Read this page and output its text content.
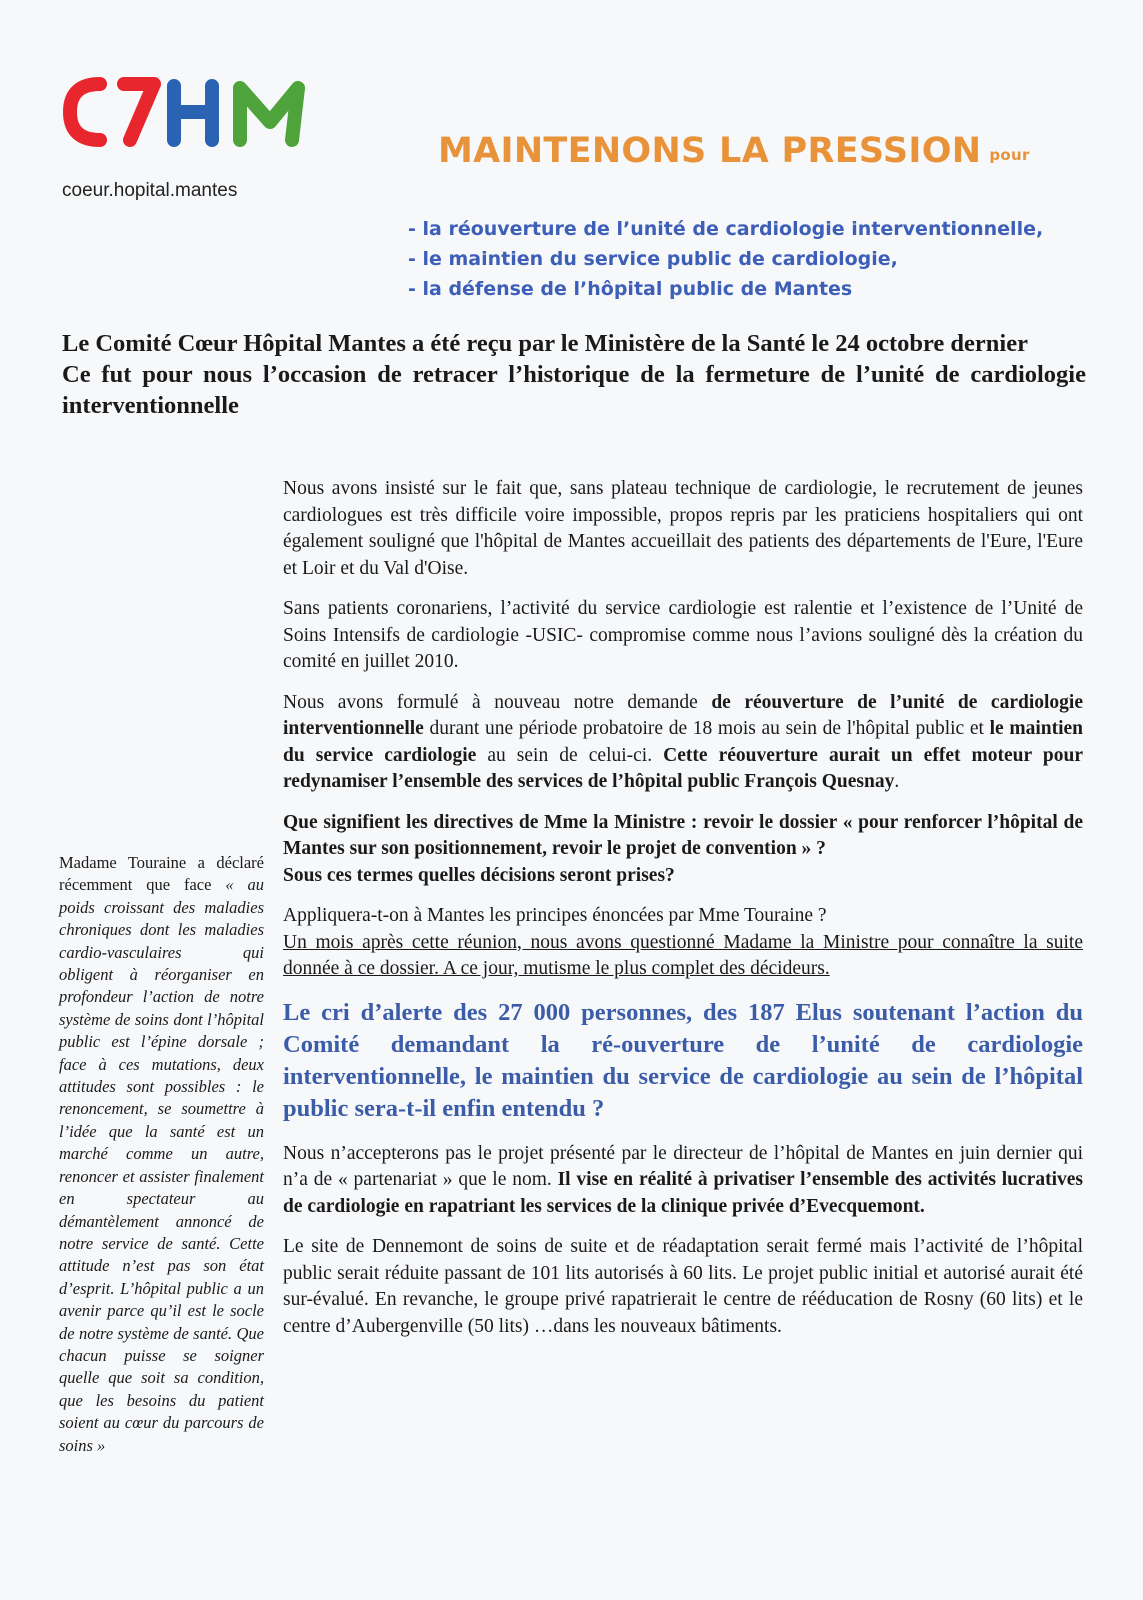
coeur.hopital.mantes
MAINTENONS LA PRESSION pour
- la réouverture de l’unité de cardiologie interventionnelle,
- le maintien du service public de cardiologie,
- la défense de l’hôpital public de Mantes

Le Comité Cœur Hôpital Mantes a été reçu par le Ministère de la Santé le 24 octobre dernier

Ce fut pour nous l’occasion de retracer l’historique de la fermeture de l’unité de cardiologie interventionnelle

Nous avons insisté sur le fait que, sans plateau technique de cardiologie, le recrutement de jeunes cardiologues est très difficile voire impossible, propos repris par les praticiens hospitaliers qui ont également souligné que l'hôpital de Mantes accueillait des patients des départements de l'Eure, l'Eure et Loir et du Val d'Oise.

Sans patients coronariens, l’activité du service cardiologie est ralentie et l’existence de l’Unité de Soins Intensifs de cardiologie -USIC- compromise comme nous l’avions souligné dès la création du comité en juillet 2010.

Nous avons formulé à nouveau notre demande de réouverture de l’unité de cardiologie interventionnelle durant une période probatoire de 18 mois au sein de l'hôpital public et le maintien du service cardiologie au sein de celui-ci. Cette réouverture aurait un effet moteur pour redynamiser l’ensemble des services de l’hôpital public François Quesnay.

Que signifient les directives de Mme la Ministre : revoir le dossier « pour renforcer l’hôpital de Mantes sur son positionnement, revoir le projet de convention » ?
Sous ces termes quelles décisions seront prises?

Appliquera-t-on à Mantes les principes énoncées par Mme Touraine ?

Un mois après cette réunion, nous avons questionné Madame la Ministre pour connaître la suite donnée à ce dossier. A ce jour, mutisme le plus complet des décideurs.

Le cri d’alerte des 27 000 personnes, des 187 Elus soutenant l’action du Comité demandant la ré-ouverture de l’unité de cardiologie interventionnelle, le maintien du service de cardiologie au sein de l’hôpital public sera-t-il enfin entendu ?

Nous n’accepterons pas le projet présenté par le directeur de l’hôpital de Mantes en juin dernier qui n’a de « partenariat » que le nom. Il vise en réalité à privatiser l’ensemble des activités lucratives de cardiologie en rapatriant les services de la clinique privée d’Evecquemont.

Le site de Dennemont de soins de suite et de réadaptation serait fermé mais l’activité de l’hôpital public serait réduite passant de 101 lits autorisés à 60 lits. Le projet public initial et autorisé aurait été sur-évalué. En revanche, le groupe privé rapatrierait le centre de rééducation de Rosny (60 lits) et le centre d’Aubergenville (50 lits) …dans les nouveaux bâtiments.

Madame Touraine a déclaré récemment que face « au poids croissant des maladies chroniques dont les maladies cardio-vasculaires qui obligent à réorganiser en profondeur l’action de notre système de soins dont l’hôpital public est l’épine dorsale ; face à ces mutations, deux attitudes sont possibles : le renoncement, se soumettre à l’idée que la santé est un marché comme un autre, renoncer et assister finalement en spectateur au démantèlement annoncé de notre service de santé. Cette attitude n’est pas son état d’esprit. L’hôpital public a un avenir parce qu’il est le socle de notre système de santé. Que chacun puisse se soigner quelle que soit sa condition, que les besoins du patient soient au cœur du parcours de soins »
